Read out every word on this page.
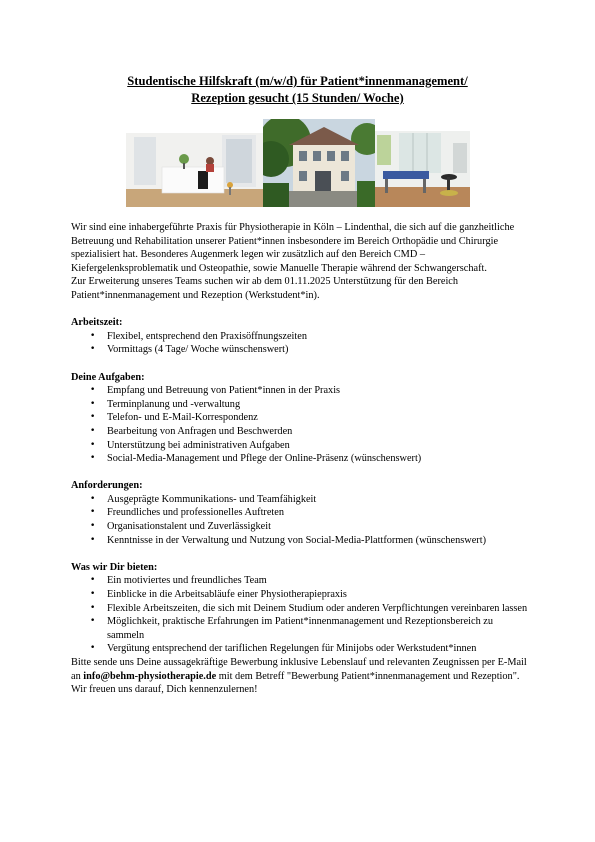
Studentische Hilfskraft (m/w/d) für Patient*innenmanagement/
Rezeption gesucht (15 Stunden/ Woche)

Wir sind eine inhabergeführte Praxis für Physiotherapie in Köln – Lindenthal, die sich auf die ganzheitliche Betreuung und Rehabilitation unserer Patient*innen insbesondere im Bereich Orthopädie und Chirurgie spezialisiert hat. Besonderes Augenmerk legen wir zusätzlich auf den Bereich CMD – Kiefergelenksproblematik und Osteopathie, sowie Manuelle Therapie während der Schwangerschaft.

Zur Erweiterung unseres Teams suchen wir ab dem 01.11.2025 Unterstützung für den Bereich Patient*innenmanagement und Rezeption (Werkstudent*in).

Arbeitszeit:
• Flexibel, entsprechend den Praxisöffnungszeiten
• Vormittags (4 Tage/ Woche wünschenswert)
Deine Aufgaben:
• Empfang und Betreuung von Patient*innen in der Praxis
• Terminplanung und -verwaltung
• Telefon- und E-Mail-Korrespondenz
• Bearbeitung von Anfragen und Beschwerden
• Unterstützung bei administrativen Aufgaben
• Social-Media-Management und Pflege der Online-Präsenz (wünschenswert)
Anforderungen:
• Ausgeprägte Kommunikations- und Teamfähigkeit
• Freundliches und professionelles Auftreten
• Organisationstalent und Zuverlässigkeit
• Kenntnisse in der Verwaltung und Nutzung von Social-Media-Plattformen (wünschenswert)
Was wir Dir bieten:
• Ein motiviertes und freundliches Team
• Einblicke in die Arbeitsabläufe einer Physiotherapiepraxis
• Flexible Arbeitszeiten, die sich mit Deinem Studium oder anderen Verpflichtungen vereinbaren lassen
• Möglichkeit, praktische Erfahrungen im Patient*innenmanagement und Rezeptionsbereich zu sammeln
• Vergütung entsprechend der tariflichen Regelungen für Minijobs oder Werkstudent*innen

Bitte sende uns Deine aussagekräftige Bewerbung inklusive Lebenslauf und relevanten Zeugnissen per E-Mail an info@behm-physiotherapie.de mit dem Betreff "Bewerbung Patient*innenmanagement und Rezeption". Wir freuen uns darauf, Dich kennenzulernen!
